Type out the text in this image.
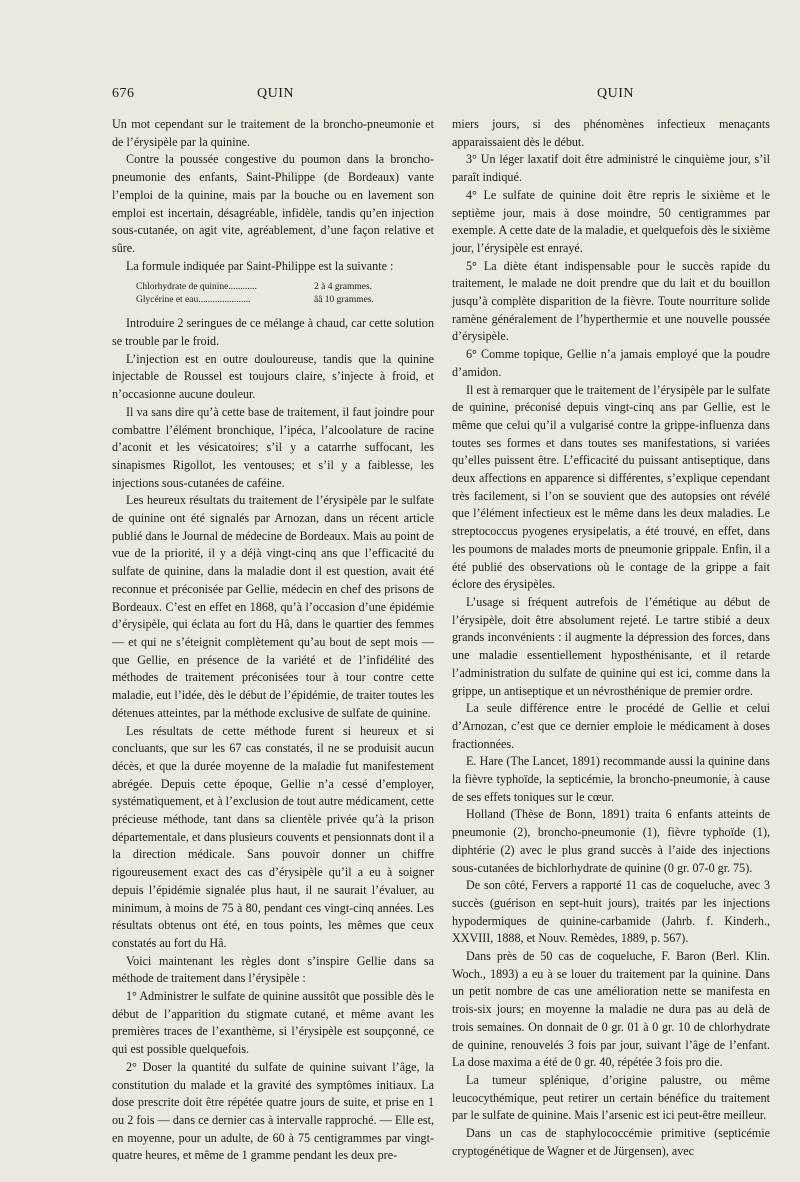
676	QUIN	QUIN

Un mot cependant sur le traitement de la broncho-pneumonie et de l’érysipèle par la quinine.

Contre la poussée congestive du poumon dans la broncho-pneumonie des enfants, Saint-Philippe (de Bordeaux) vante l’emploi de la quinine, mais par la bouche ou en lavement son emploi est incertain, désagréable, infidèle, tandis qu’en injection sous-cutanée, on agit vite, agréablement, d’une façon relative et sûre.

La formule indiquée par Saint-Philippe est la suivante :

Chlorhydrate de quinine............	2 à 4 grammes.
Glycérine et eau......................	ââ 10 grammes.

Introduire 2 seringues de ce mélange à chaud, car cette solution se trouble par le froid.

L’injection est en outre douloureuse, tandis que la quinine injectable de Roussel est toujours claire, s’injecte à froid, et n’occasionne aucune douleur.

Il va sans dire qu’à cette base de traitement, il faut joindre pour combattre l’élément bronchique, l’ipéca, l’alcoolature de racine d’aconit et les vésicatoires; s’il y a catarrhe suffocant, les sinapismes Rigollot, les ventouses; et s’il y a faiblesse, les injections sous-cutanées de caféine.

Les heureux résultats du traitement de l’érysipèle par le sulfate de quinine ont été signalés par Arnozan, dans un récent article publié dans le Journal de médecine de Bordeaux. Mais au point de vue de la priorité, il y a déjà vingt-cinq ans que l’efficacité du sulfate de quinine, dans la maladie dont il est question, avait été reconnue et préconisée par Gellie, médecin en chef des prisons de Bordeaux. C’est en effet en 1868, qu’à l’occasion d’une épidémie d’érysipèle, qui éclata au fort du Hâ, dans le quartier des femmes — et qui ne s’éteignit complètement qu’au bout de sept mois — que Gellie, en présence de la variété et de l’infidélité des méthodes de traitement préconisées tour à tour contre cette maladie, eut l’idée, dès le début de l’épidémie, de traiter toutes les détenues atteintes, par la méthode exclusive de sulfate de quinine.

Les résultats de cette méthode furent si heureux et si concluants, que sur les 67 cas constatés, il ne se produisit aucun décès, et que la durée moyenne de la maladie fut manifestement abrégée. Depuis cette époque, Gellie n’a cessé d’employer, systématiquement, et à l’exclusion de tout autre médicament, cette précieuse méthode, tant dans sa clientèle privée qu’à la prison départementale, et dans plusieurs couvents et pensionnats dont il a la direction médicale. Sans pouvoir donner un chiffre rigoureusement exact des cas d’érysipèle qu’il a eu à soigner depuis l’épidémie signalée plus haut, il ne saurait l’évaluer, au minimum, à moins de 75 à 80, pendant ces vingt-cinq années. Les résultats obtenus ont été, en tous points, les mêmes que ceux constatés au fort du Hâ.

Voici maintenant les règles dont s’inspire Gellie dans sa méthode de traitement dans l’érysipèle :

1° Administrer le sulfate de quinine aussitôt que possible dès le début de l’apparition du stigmate cutané, et même avant les premières traces de l’exanthème, si l’érysipèle est soupçonné, ce qui est possible quelquefois.

2° Doser la quantité du sulfate de quinine suivant l’âge, la constitution du malade et la gravité des symptômes initiaux. La dose prescrite doit être répétée quatre jours de suite, et prise en 1 ou 2 fois — dans ce dernier cas à intervalle rapproché. — Elle est, en moyenne, pour un adulte, de 60 à 75 centigrammes par vingt-quatre heures, et même de 1 gramme pendant les deux pre-

miers jours, si des phénomènes infectieux menaçants apparaissaient dès le début.

3° Un léger laxatif doit être administré le cinquième jour, s’il paraît indiqué.

4° Le sulfate de quinine doit être repris le sixième et le septième jour, mais à dose moindre, 50 centigrammes par exemple. A cette date de la maladie, et quelquefois dès le sixième jour, l’érysipèle est enrayé.

5° La diète étant indispensable pour le succès rapide du traitement, le malade ne doit prendre que du lait et du bouillon jusqu’à complète disparition de la fièvre. Toute nourriture solide ramène généralement de l’hyperthermie et une nouvelle poussée d’érysipèle.

6° Comme topique, Gellie n’a jamais employé que la poudre d’amidon.

Il est à remarquer que le traitement de l’érysipèle par le sulfate de quinine, préconisé depuis vingt-cinq ans par Gellie, est le même que celui qu’il a vulgarisé contre la grippe-influenza dans toutes ses formes et dans toutes ses manifestations, si variées qu’elles puissent être. L’efficacité du puissant antiseptique, dans deux affections en apparence si différentes, s’explique cependant très facilement, si l’on se souvient que des autopsies ont révélé que l’élément infectieux est le même dans les deux maladies. Le streptococcus pyogenes erysipelatis, a été trouvé, en effet, dans les poumons de malades morts de pneumonie grippale. Enfin, il a été publié des observations où le contage de la grippe a fait éclore des érysipèles.

L’usage si fréquent autrefois de l’émétique au début de l’érysipèle, doit être absolument rejeté. Le tartre stibié a deux grands inconvénients : il augmente la dépression des forces, dans une maladie essentiellement hyposthénisante, et il retarde l’administration du sulfate de quinine qui est ici, comme dans la grippe, un antiseptique et un névrosthénique de premier ordre.

La seule différence entre le procédé de Gellie et celui d’Arnozan, c’est que ce dernier emploie le médicament à doses fractionnées.

E. Hare (The Lancet, 1891) recommande aussi la quinine dans la fièvre typhoïde, la septicémie, la broncho-pneumonie, à cause de ses effets toniques sur le cœur.

Holland (Thèse de Bonn, 1891) traita 6 enfants atteints de pneumonie (2), broncho-pneumonie (1), fièvre typhoïde (1), diphtérie (2) avec le plus grand succès à l’aide des injections sous-cutanées de bichlorhydrate de quinine (0 gr. 07-0 gr. 75).

De son côté, Fervers a rapporté 11 cas de coqueluche, avec 3 succès (guérison en sept-huit jours), traités par les injections hypodermiques de quinine-carbamide (Jahrb. f. Kinderh., XXVIII, 1888, et Nouv. Remèdes, 1889, p. 567).

Dans près de 50 cas de coqueluche, F. Baron (Berl. Klin. Woch., 1893) a eu à se louer du traitement par la quinine. Dans un petit nombre de cas une amélioration nette se manifesta en trois-six jours; en moyenne la maladie ne dura pas au delà de trois semaines. On donnait de 0 gr. 01 à 0 gr. 10 de chlorhydrate de quinine, renouvelés 3 fois par jour, suivant l’âge de l’enfant. La dose maxima a été de 0 gr. 40, répétée 3 fois pro die.

La tumeur splénique, d’origine palustre, ou même leucocythémique, peut retirer un certain bénéfice du traitement par le sulfate de quinine. Mais l’arsenic est ici peut-être meilleur.

Dans un cas de staphylococcémie primitive (septicémie cryptogénétique de Wagner et de Jürgensen), avec
